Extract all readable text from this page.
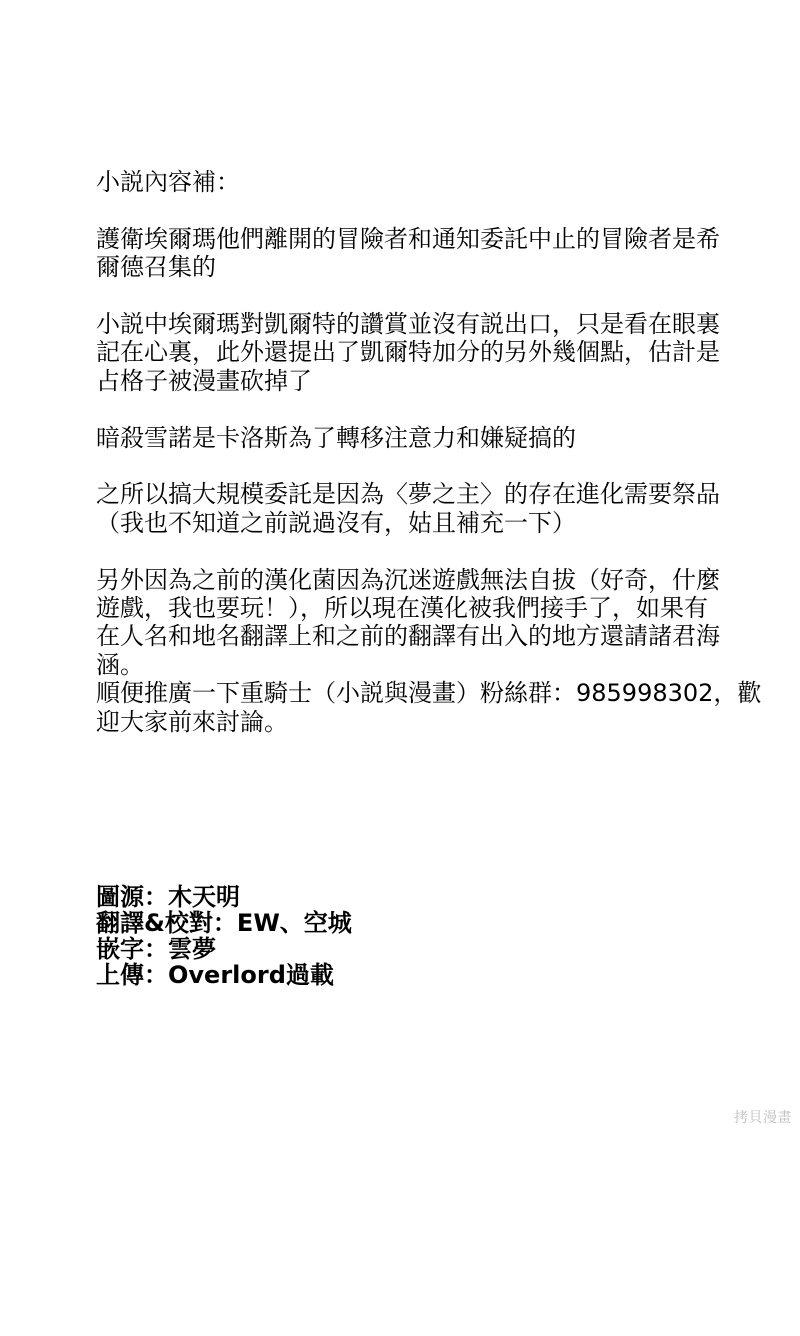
小説內容補：
護衛埃爾瑪他們離開的冒險者和通知委託中止的冒險者是希
爾德召集的
小説中埃爾瑪對凱爾特的讚賞並沒有説出口，只是看在眼裏
記在心裏，此外還提出了凱爾特加分的另外幾個點，估計是
占格子被漫畫砍掉了
暗殺雪諾是卡洛斯為了轉移注意力和嫌疑搞的
之所以搞大規模委託是因為〈夢之主〉的存在進化需要祭品
（我也不知道之前説過沒有，姑且補充一下）
另外因為之前的漢化菌因為沉迷遊戲無法自拔（好奇，什麼
遊戲，我也要玩！），所以現在漢化被我們接手了，如果有
在人名和地名翻譯上和之前的翻譯有出入的地方還請諸君海
涵。
順便推廣一下重騎士（小説與漫畫）粉絲群：985998302，歡
迎大家前來討論。
圖源：木天明
翻譯&校對：EW、空城
嵌字：雲夢
上傳：Overlord過載
拷貝漫畫
